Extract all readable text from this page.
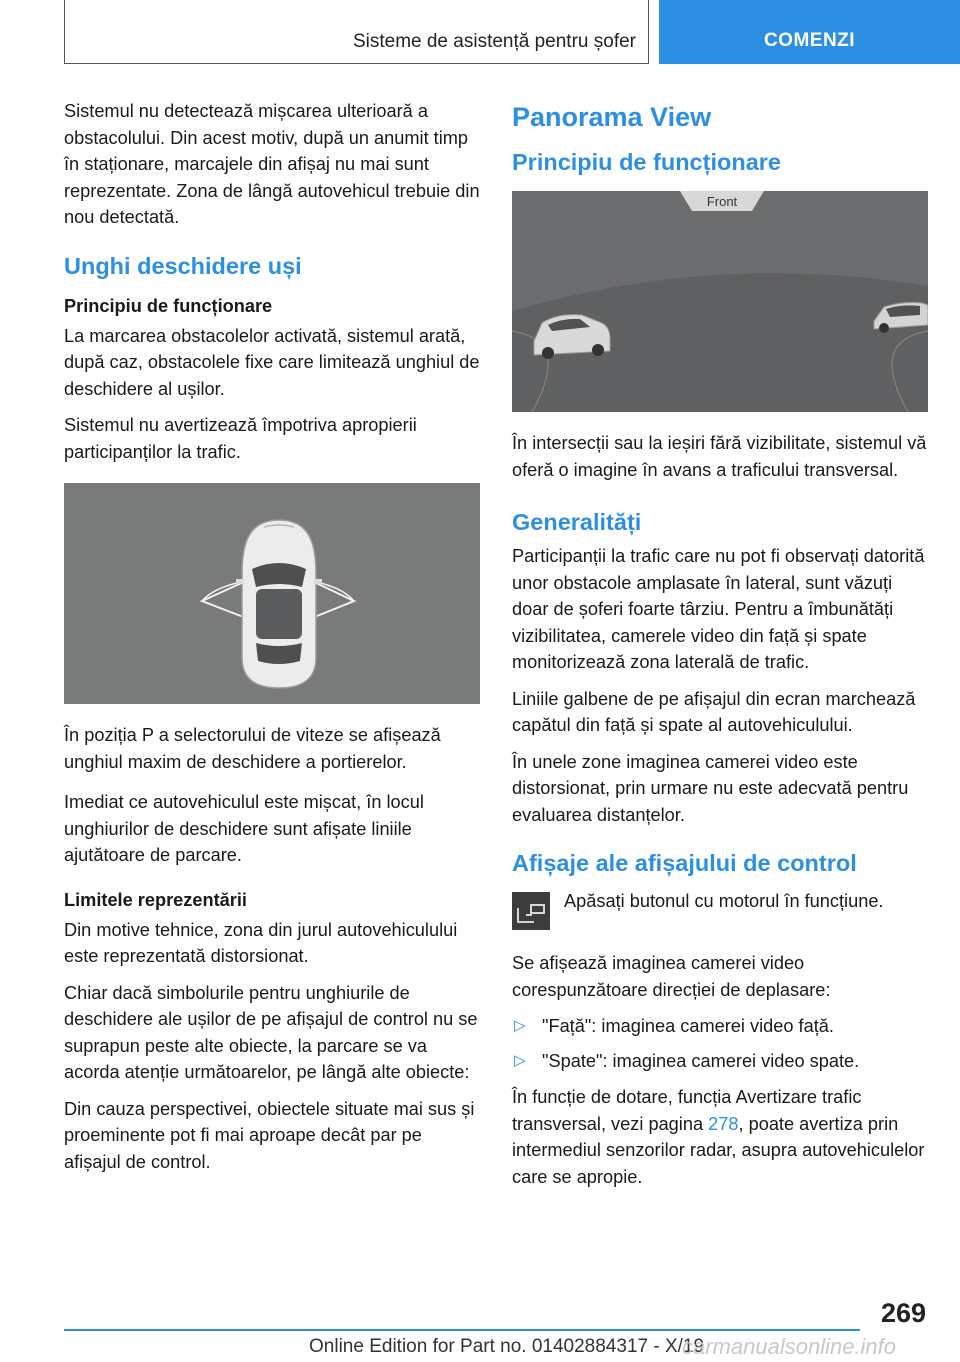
Sisteme de asistență pentru șofer	COMENZI

Sistemul nu detectează mișcarea ulterioară a obstacolului. Din acest motiv, după un anumit timp în staționare, marcajele din afișaj nu mai sunt reprezentate. Zona de lângă autovehicul trebuie din nou detectată.

Unghi deschidere uși
Principiu de funcționare

La marcarea obstacolelor activată, sistemul arată, după caz, obstacolele fixe care limitează unghiul de deschidere al ușilor.

Sistemul nu avertizează împotriva apropierii participanților la trafic.

În poziția P a selectorului de viteze se afișează unghiul maxim de deschidere a portierelor.

Imediat ce autovehiculul este mișcat, în locul unghiurilor de deschidere sunt afișate liniile ajutătoare de parcare.

Limitele reprezentării

Din motive tehnice, zona din jurul autovehiculului este reprezentată distorsionat.

Chiar dacă simbolurile pentru unghiurile de deschidere ale ușilor de pe afișajul de control nu se suprapun peste alte obiecte, la parcare se va acorda atenție următoarelor, pe lângă alte obiecte:

Din cauza perspectivei, obiectele situate mai sus și proeminente pot fi mai aproape decât par pe afișajul de control.

Panorama View
Principiu de funcționare
Front

În intersecții sau la ieșiri fără vizibilitate, sistemul vă oferă o imagine în avans a traficului transversal.

Generalități

Participanții la trafic care nu pot fi observați datorită unor obstacole amplasate în lateral, sunt văzuți doar de șoferi foarte târziu. Pentru a îmbunătăți vizibilitatea, camerele video din față și spate monitorizează zona laterală de trafic.

Liniile galbene de pe afișajul din ecran marchează capătul din față și spate al autovehiculului.

În unele zone imaginea camerei video este distorsionat, prin urmare nu este adecvată pentru evaluarea distanțelor.

Afișaje ale afișajului de control

Apăsați butonul cu motorul în funcțiune.

Se afișează imaginea camerei video corespunzătoare direcției de deplasare:

▷ "Față": imaginea camerei video față.
▷ "Spate": imaginea camerei video spate.

În funcție de dotare, funcția Avertizare trafic transversal, vezi pagina 278, poate avertiza prin intermediul senzorilor radar, asupra autovehiculelor care se apropie.

269
Online Edition for Part no. 01402884317 - X/19
carmanualsonline.info
